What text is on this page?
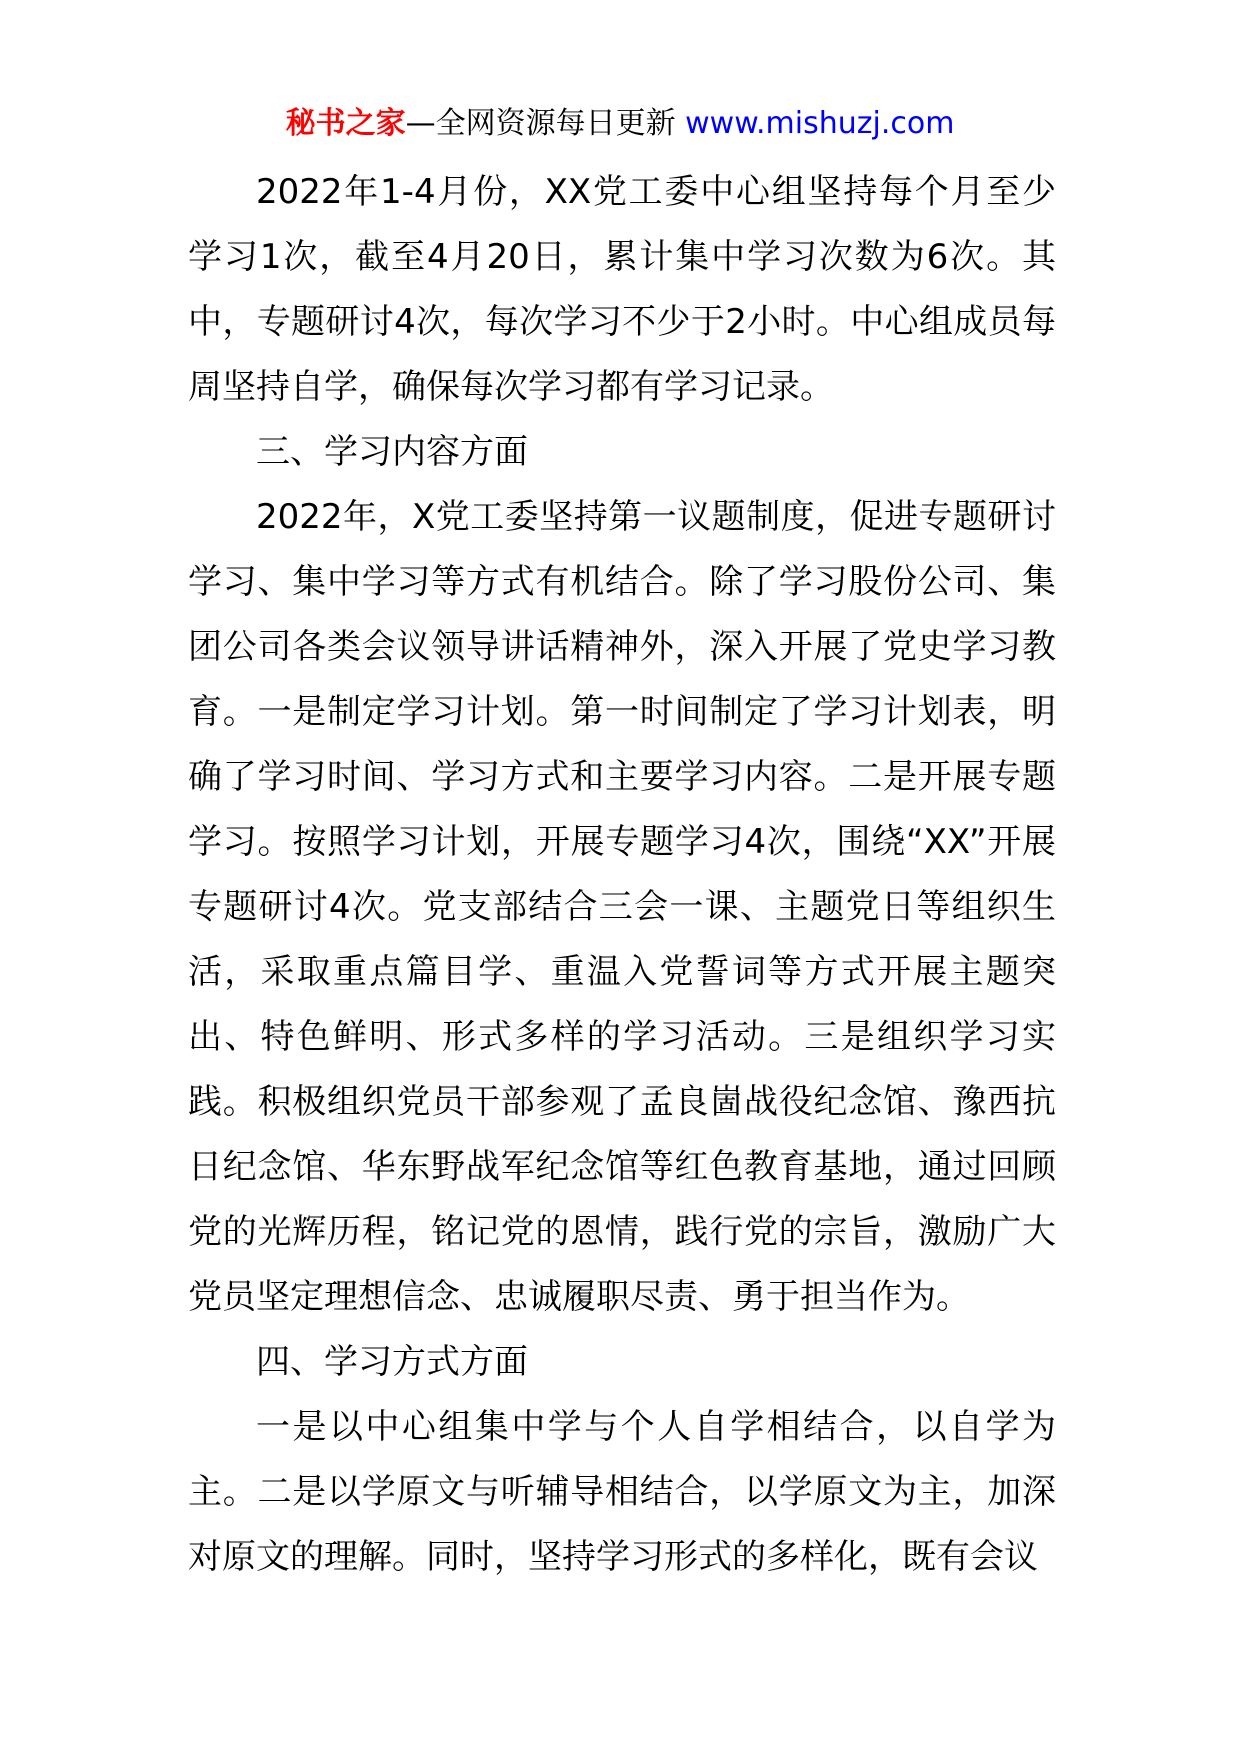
秘书之家—全网资源每日更新 www.mishuzj.com

2022年1-4月份，XX党工委中心组坚持每个月至少学习1次，截至4月20日，累计集中学习次数为6次。其中，专题研讨4次，每次学习不少于2小时。中心组成员每周坚持自学，确保每次学习都有学习记录。

三、学习内容方面

2022年，X党工委坚持第一议题制度，促进专题研讨学习、集中学习等方式有机结合。除了学习股份公司、集团公司各类会议领导讲话精神外，深入开展了党史学习教育。一是制定学习计划。第一时间制定了学习计划表，明确了学习时间、学习方式和主要学习内容。二是开展专题学习。按照学习计划，开展专题学习4次，围绕“XX”开展专题研讨4次。党支部结合三会一课、主题党日等组织生活，采取重点篇目学、重温入党誓词等方式开展主题突出、特色鲜明、形式多样的学习活动。三是组织学习实践。积极组织党员干部参观了孟良崮战役纪念馆、豫西抗日纪念馆、华东野战军纪念馆等红色教育基地，通过回顾党的光辉历程，铭记党的恩情，践行党的宗旨，激励广大党员坚定理想信念、忠诚履职尽责、勇于担当作为。

四、学习方式方面

一是以中心组集中学与个人自学相结合，以自学为主。二是以学原文与听辅导相结合，以学原文为主，加深对原文的理解。同时，坚持学习形式的多样化，既有会议
